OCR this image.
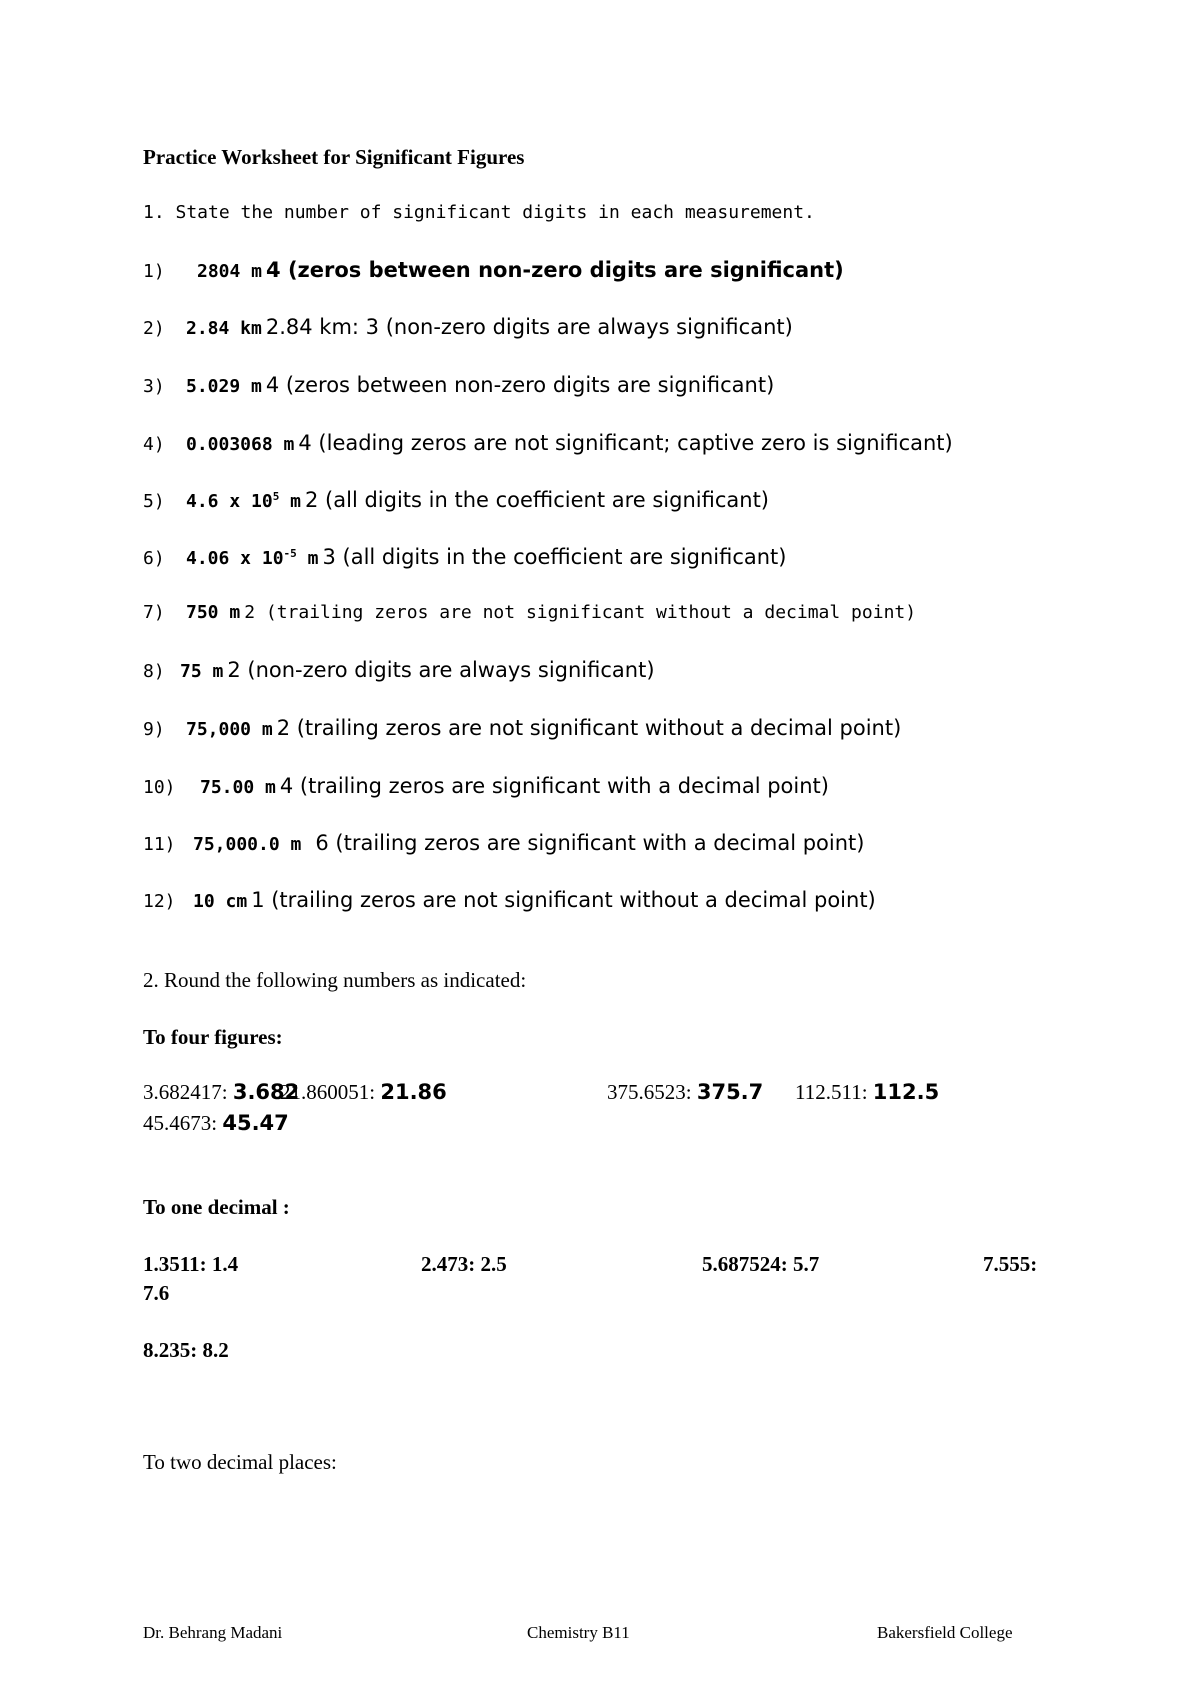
Practice Worksheet for Significant Figures
1. State the number of significant digits in each measurement.
1) 2804 m 4 (zeros between non-zero digits are significant)
2) 2.84 km 2.84 km: 3 (non-zero digits are always significant)
3) 5.029 m 4 (zeros between non-zero digits are significant)
4) 0.003068 m 4 (leading zeros are not significant; captive zero is significant)
5) 4.6 x $10^5$ m 2 (all digits in the coefficient are significant)
6) 4.06 x $10^{-5}$ m 3 (all digits in the coefficient are significant)
7) 750 m 2 (trailing zeros are not significant without a decimal point)
8) 75 m 2 (non-zero digits are always significant)
9) 75,000 m 2 (trailing zeros are not significant without a decimal point)
10) 75.00 m 4 (trailing zeros are significant with a decimal point)
11) 75,000.0 m 6 (trailing zeros are significant with a decimal point)
12) 10 cm 1 (trailing zeros are not significant without a decimal point)
2. Round the following numbers as indicated:
To four figures:
3.682417: 3.682
21.860051: 21.86	375.6523: 375.7 112.511: 112.5
45.4673: 45.47
To one decimal :
1.3511: 1.4	2.473: 2.5	5.687524: 5.7	7.555:
7.6
8.235: 8.2
To two decimal places:
Dr. Behrang Madani	Chemistry B11	Bakersfield College
